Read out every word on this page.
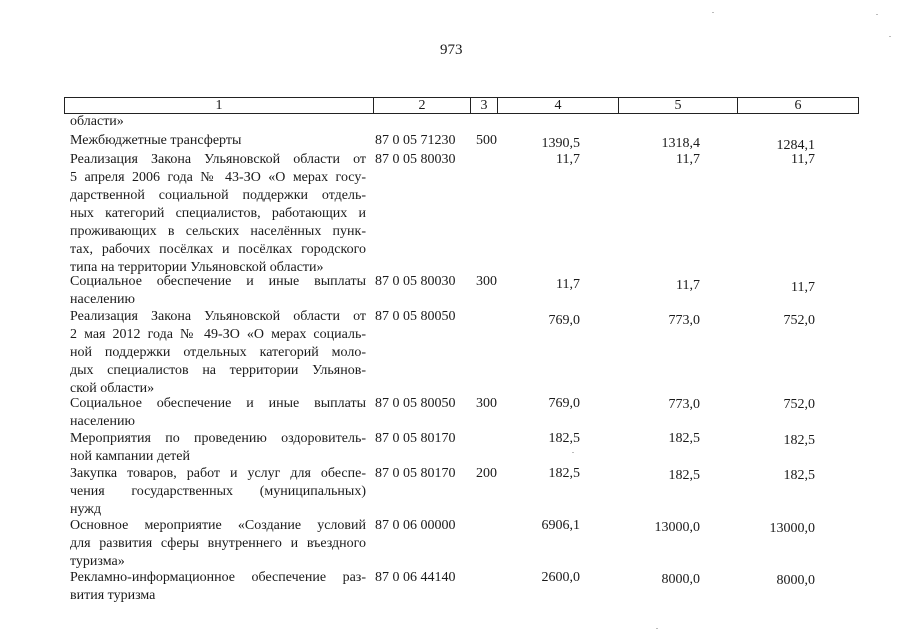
973
1	2	3	4	5	6
области»
Межбюджетные трансферты	87 0 05 71230 500	1390,5	1318,4	1284,1
Реализация Закона Ульяновской области от
5 апреля 2006 года № 43-ЗО «О мерах госу-
дарственной социальной поддержки отдель-
ных категорий специалистов, работающих и
проживающих в сельских населённых пунк-
тах, рабочих посёлках и посёлках городского
типа на территории Ульяновской области»
87 0 05 80030	11,7	11,7	11,7
Социальное обеспечение и иные выплаты
населению
87 0 05 80030 300	11,7	11,7	11,7
Реализация Закона Ульяновской области от
2 мая 2012 года № 49-ЗО «О мерах социаль-
ной поддержки отдельных категорий моло-
дых специалистов на территории Ульянов-
ской области»
87 0 05 80050	769,0	773,0	752,0
Социальное обеспечение и иные выплаты
населению
87 0 05 80050 300	769,0	773,0	752,0
Мероприятия по проведению оздоровитель-
ной кампании детей
87 0 05 80170	182,5	182,5	182,5
Закупка товаров, работ и услуг для обеспе-
чения государственных (муниципальных)
нужд
87 0 05 80170 200	182,5	182,5	182,5
Основное мероприятие «Создание условий
для развития сферы внутреннего и въездного
туризма»
87 0 06 00000	6906,1	13000,0	13000,0
Рекламно-информационное обеспечение раз-
вития туризма
87 0 06 44140	2600,0	8000,0	8000,0
